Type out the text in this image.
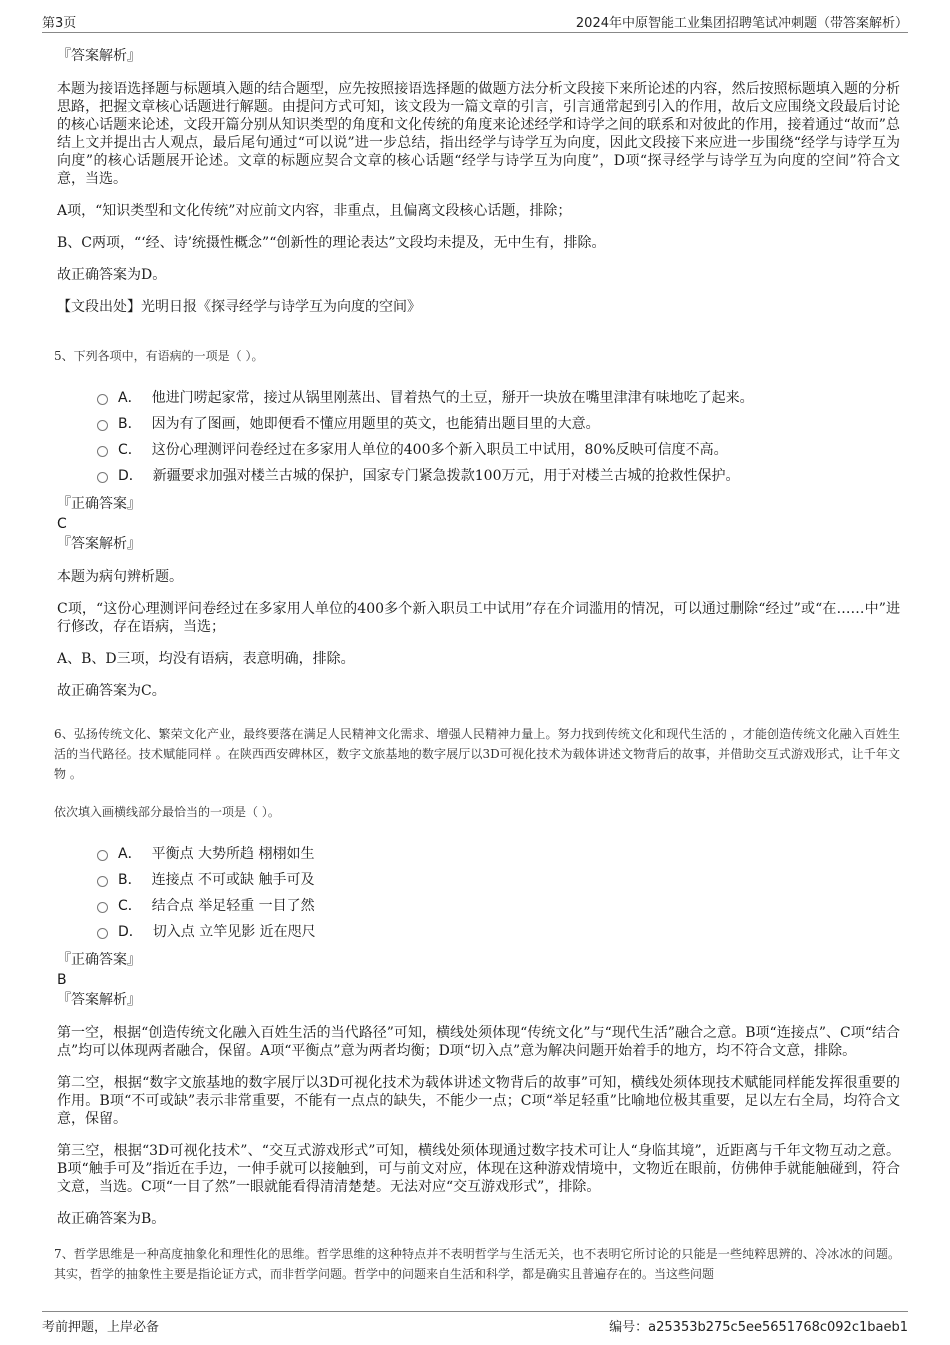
第3页	2024年中原智能工业集团招聘笔试冲刺题（带答案解析）

『答案解析』

本题为接语选择题与标题填入题的结合题型，应先按照接语选择题的做题方法分析文段接下来所论述的内容，然后按照标题填入题的分析思路，把握文章核心话题进行解题。由提问方式可知，该文段为一篇文章的引言，引言通常起到引入的作用，故后文应围绕文段最后讨论的核心话题来论述，文段开篇分别从知识类型的角度和文化传统的角度来论述经学和诗学之间的联系和对彼此的作用，接着通过“故而”总结上文并提出古人观点，最后尾句通过“可以说”进一步总结，指出经学与诗学互为向度，因此文段接下来应进一步围绕“经学与诗学互为向度”的核心话题展开论述。文章的标题应契合文章的核心话题“经学与诗学互为向度”，D项“探寻经学与诗学互为向度的空间”符合文意，当选。

A项，“知识类型和文化传统”对应前文内容，非重点，且偏离文段核心话题，排除；

B、C两项，“‘经、诗’统摄性概念”“创新性的理论表达”文段均未提及，无中生有，排除。

故正确答案为D。

【文段出处】光明日报《探寻经学与诗学互为向度的空间》

5、下列各项中，有语病的一项是（ ）。

A． 他进门唠起家常，接过从锅里刚蒸出、冒着热气的土豆，掰开一块放在嘴里津津有味地吃了起来。
B． 因为有了图画，她即便看不懂应用题里的英文，也能猜出题目里的大意。
C． 这份心理测评问卷经过在多家用人单位的400多个新入职员工中试用，80%反映可信度不高。
D． 新疆要求加强对楼兰古城的保护，国家专门紧急拨款100万元，用于对楼兰古城的抢救性保护。

『正确答案』

C

『答案解析』

本题为病句辨析题。

C项，“这份心理测评问卷经过在多家用人单位的400多个新入职员工中试用”存在介词滥用的情况，可以通过删除“经过”或“在……中”进行修改，存在语病，当选；

A、B、D三项，均没有语病，表意明确，排除。

故正确答案为C。

6、弘扬传统文化、繁荣文化产业，最终要落在满足人民精神文化需求、增强人民精神力量上。努力找到传统文化和现代生活的 ，才能创造传统文化融入百姓生活的当代路径。技术赋能同样 。在陕西西安碑林区，数字文旅基地的数字展厅以3D可视化技术为载体讲述文物背后的故事，并借助交互式游戏形式，让千年文物 。

依次填入画横线部分最恰当的一项是（ ）。

A． 平衡点 大势所趋 栩栩如生
B． 连接点 不可或缺 触手可及
C． 结合点 举足轻重 一目了然
D． 切入点 立竿见影 近在咫尺

『正确答案』

B

『答案解析』

第一空，根据“创造传统文化融入百姓生活的当代路径”可知，横线处须体现“传统文化”与“现代生活”融合之意。B项“连接点”、C项“结合点”均可以体现两者融合，保留。A项“平衡点”意为两者均衡；D项“切入点”意为解决问题开始着手的地方，均不符合文意，排除。

第二空，根据“数字文旅基地的数字展厅以3D可视化技术为载体讲述文物背后的故事”可知，横线处须体现技术赋能同样能发挥很重要的作用。B项“不可或缺”表示非常重要，不能有一点点的缺失，不能少一点；C项“举足轻重”比喻地位极其重要，足以左右全局，均符合文意，保留。

第三空，根据“3D可视化技术”、“交互式游戏形式”可知，横线处须体现通过数字技术可让人“身临其境”，近距离与千年文物互动之意。B项“触手可及”指近在手边，一伸手就可以接触到，可与前文对应，体现在这种游戏情境中，文物近在眼前，仿佛伸手就能触碰到，符合文意，当选。C项“一目了然”一眼就能看得清清楚楚。无法对应“交互游戏形式”，排除。

故正确答案为B。

7、哲学思维是一种高度抽象化和理性化的思维。哲学思维的这种特点并不表明哲学与生活无关，也不表明它所讨论的只能是一些纯粹思辨的、冷冰冰的问题。其实，哲学的抽象性主要是指论证方式，而非哲学问题。哲学中的问题来自生活和科学，都是确实且普遍存在的。当这些问题

考前押题，上岸必备	编号：a25353b275c5ee5651768c092c1baeb1
